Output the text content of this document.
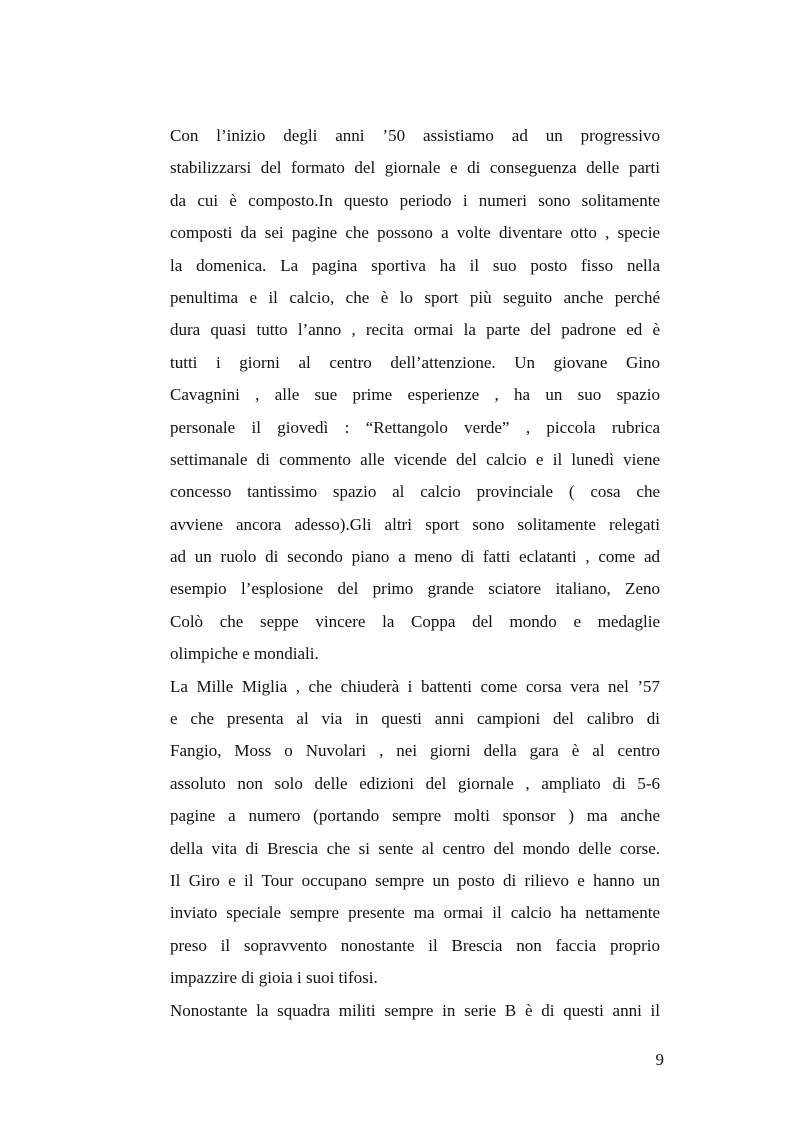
Con l’inizio degli anni ’50 assistiamo ad un progressivo
stabilizzarsi del formato del giornale e di conseguenza delle parti
da cui è composto.In questo periodo i numeri sono solitamente
composti da sei pagine che possono a volte diventare otto , specie
la domenica. La pagina sportiva ha il suo posto fisso nella
penultima e il calcio, che è lo sport più seguito anche perché
dura quasi tutto l’anno , recita ormai la parte del padrone ed è
tutti i giorni al centro dell’attenzione. Un giovane Gino
Cavagnini , alle sue prime esperienze , ha un suo spazio
personale il giovedì : “Rettangolo verde” , piccola rubrica
settimanale di commento alle vicende del calcio e il lunedì viene
concesso tantissimo spazio al calcio provinciale ( cosa che
avviene ancora adesso).Gli altri sport sono solitamente relegati
ad un ruolo di secondo piano a meno di fatti eclatanti , come ad
esempio l’esplosione del primo grande sciatore italiano, Zeno
Colò che seppe vincere la Coppa del mondo e medaglie
olimpiche e mondiali.
La Mille Miglia , che chiuderà i battenti come corsa vera nel ’57
e che presenta al via in questi anni campioni del calibro di
Fangio, Moss o Nuvolari , nei giorni della gara è al centro
assoluto non solo delle edizioni del giornale , ampliato di 5-6
pagine a numero (portando sempre molti sponsor ) ma anche
della vita di Brescia che si sente al centro del mondo delle corse.
Il Giro e il Tour occupano sempre un posto di rilievo e hanno un
inviato speciale sempre presente ma ormai il calcio ha nettamente
preso il sopravvento nonostante il Brescia non faccia proprio
impazzire di gioia i suoi tifosi.
Nonostante la squadra militi sempre in serie B è di questi anni il
9
